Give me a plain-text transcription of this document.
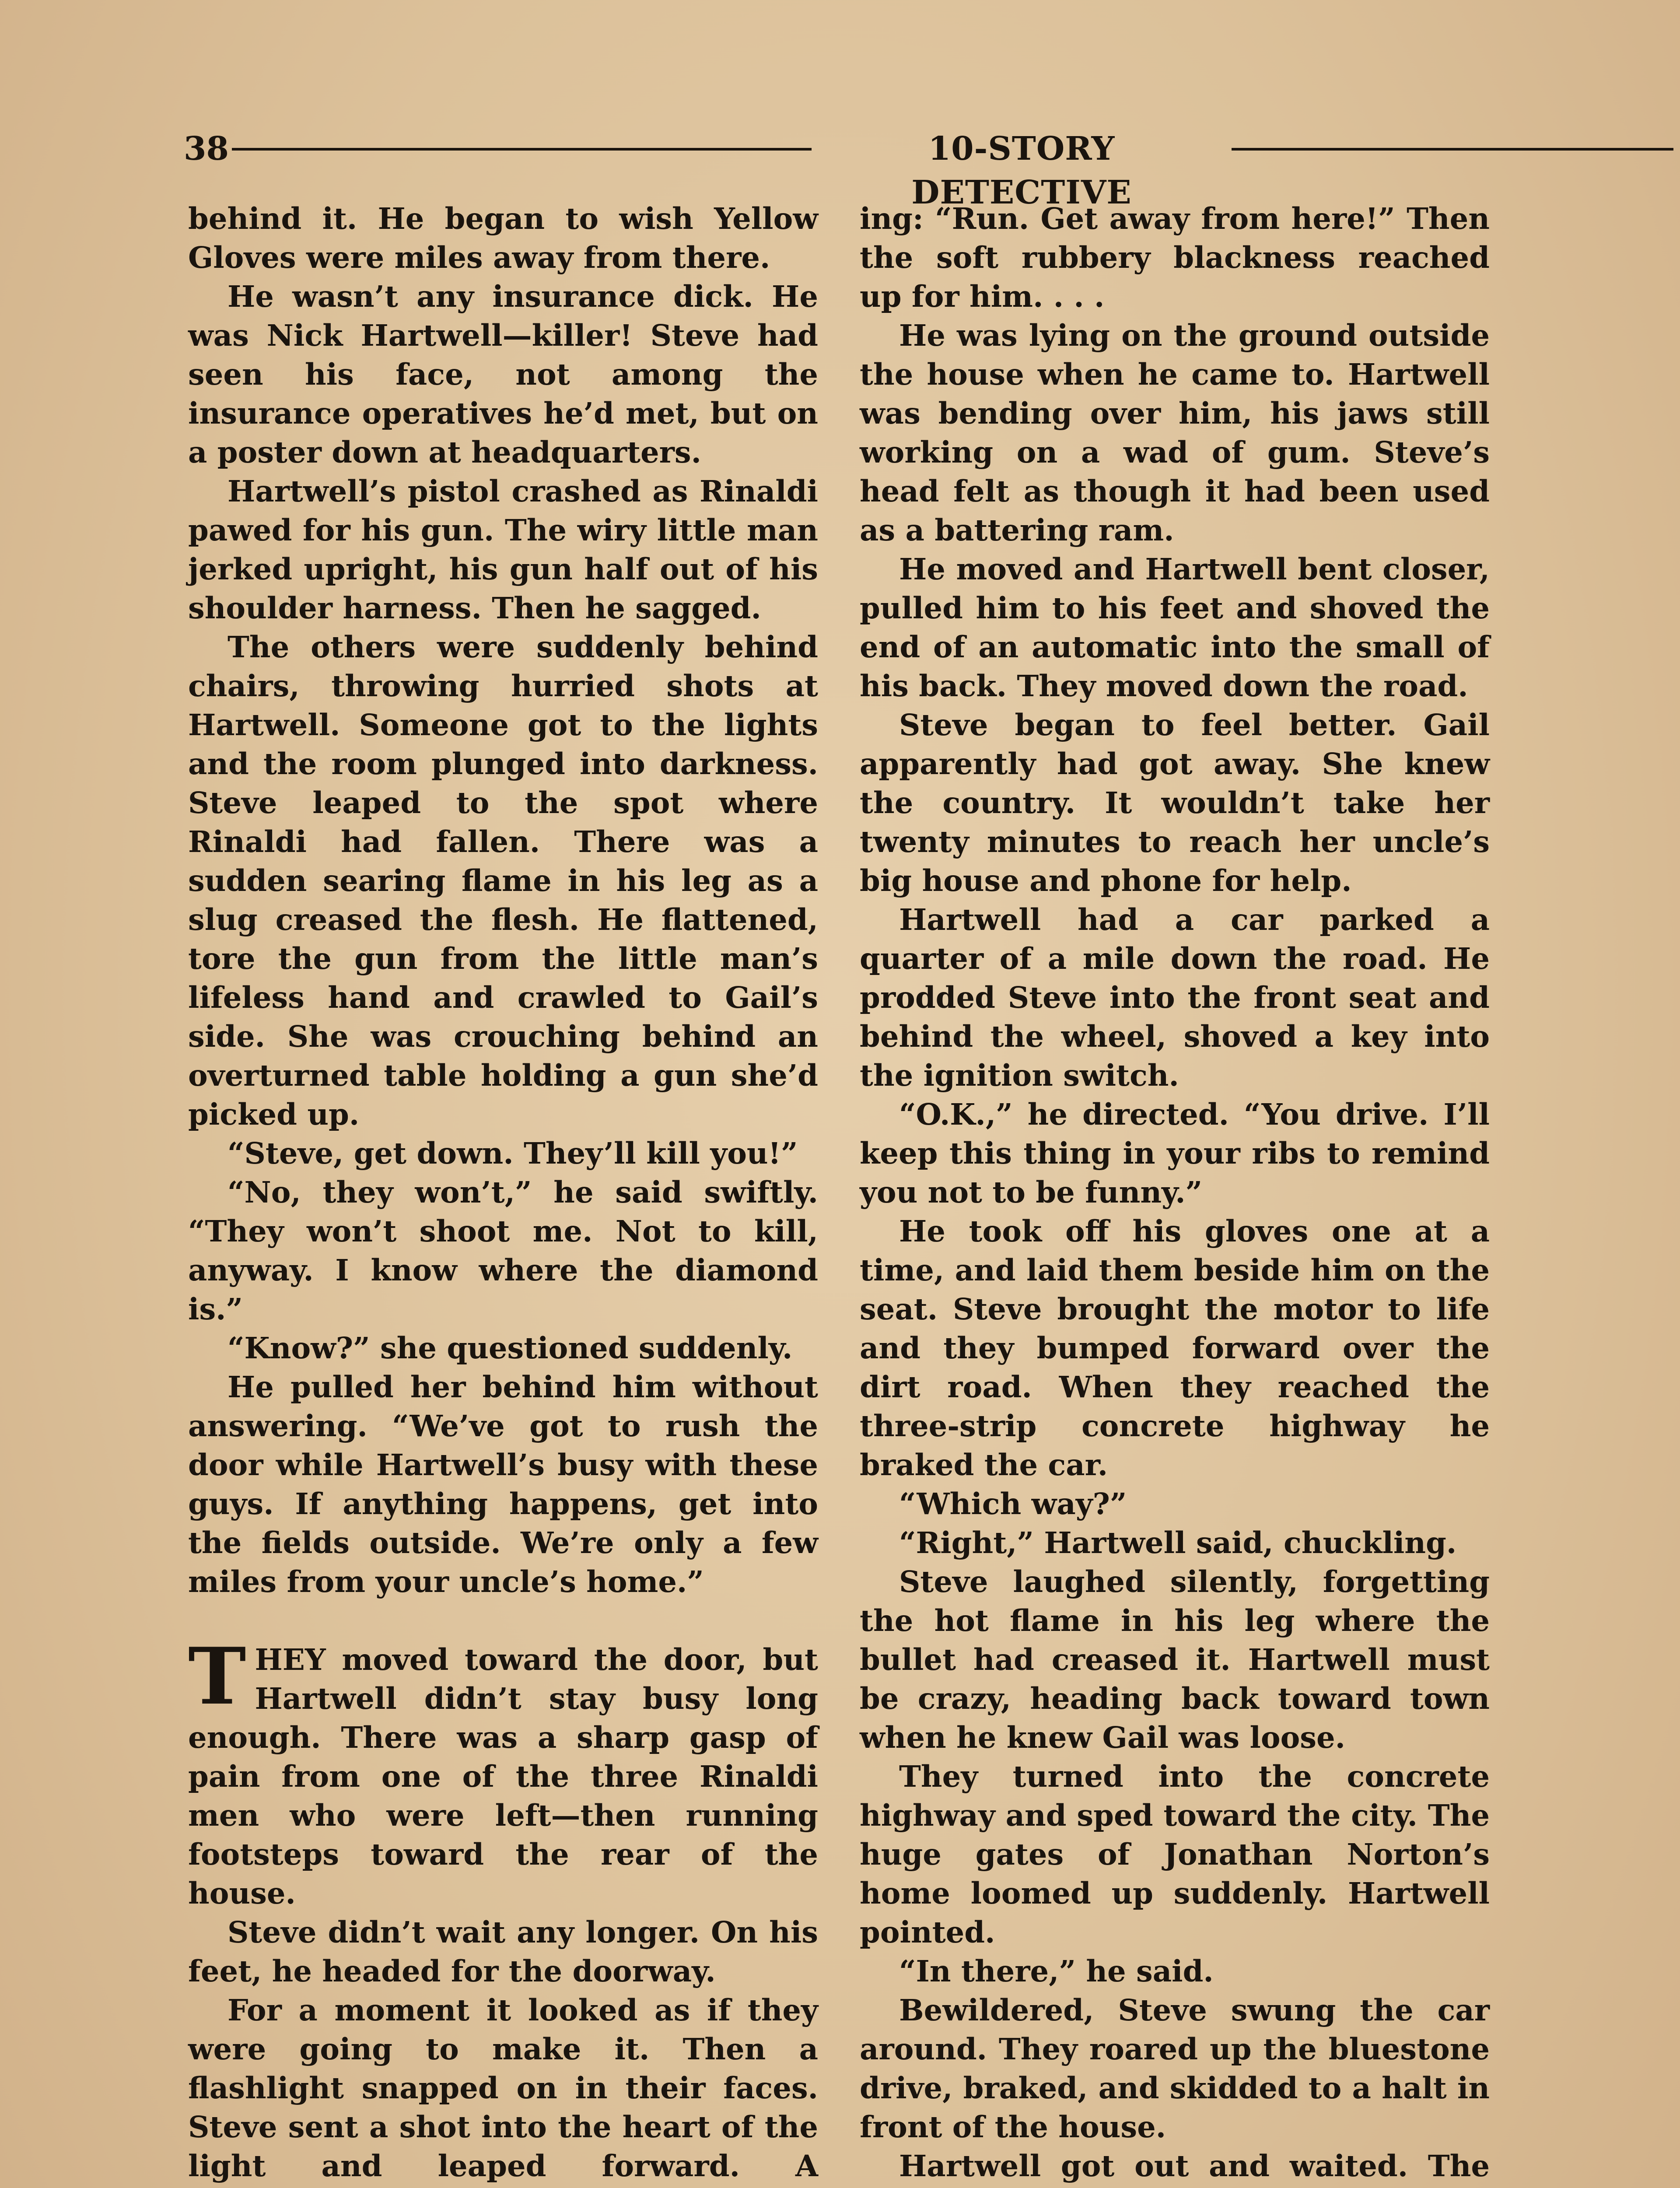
38	10-STORY DETECTIVE

behind it. He began to wish Yellow Gloves were miles away from there.

He wasn’t any insurance dick. He was Nick Hartwell—killer! Steve had seen his face, not among the insurance operatives he’d met, but on a poster down at headquarters.

Hartwell’s pistol crashed as Rinaldi pawed for his gun. The wiry little man jerked upright, his gun half out of his shoulder harness. Then he sagged.

The others were suddenly behind chairs, throwing hurried shots at Hartwell. Someone got to the lights and the room plunged into darkness. Steve leaped to the spot where Rinaldi had fallen. There was a sudden searing flame in his leg as a slug creased the flesh. He flattened, tore the gun from the little man’s lifeless hand and crawled to Gail’s side. She was crouching behind an overturned table holding a gun she’d picked up.

“Steve, get down. They’ll kill you!”

“No, they won’t,” he said swiftly. “They won’t shoot me. Not to kill, anyway. I know where the diamond is.”

“Know?” she questioned suddenly.

He pulled her behind him without answering. “We’ve got to rush the door while Hartwell’s busy with these guys. If anything happens, get into the fields outside. We’re only a few miles from your uncle’s home.”

THEY moved toward the door, but Hartwell didn’t stay busy long enough. There was a sharp gasp of pain from one of the three Rinaldi men who were left—then running footsteps toward the rear of the house.

Steve didn’t wait any longer. On his feet, he headed for the doorway.

For a moment it looked as if they were going to make it. Then a flashlight snapped on in their faces. Steve sent a shot into the heart of the light and leaped forward. A

ing: “Run. Get away from here!” Then the soft rubbery blackness reached up for him. . . .

He was lying on the ground outside the house when he came to. Hartwell was bending over him, his jaws still working on a wad of gum. Steve’s head felt as though it had been used as a battering ram.

He moved and Hartwell bent closer, pulled him to his feet and shoved the end of an automatic into the small of his back. They moved down the road.

Steve began to feel better. Gail apparently had got away. She knew the country. It wouldn’t take her twenty minutes to reach her uncle’s big house and phone for help.

Hartwell had a car parked a quarter of a mile down the road. He prodded Steve into the front seat and behind the wheel, shoved a key into the ignition switch.

“O.K.,” he directed. “You drive. I’ll keep this thing in your ribs to remind you not to be funny.”

He took off his gloves one at a time, and laid them beside him on the seat. Steve brought the motor to life and they bumped forward over the dirt road. When they reached the three-strip concrete highway he braked the car.

“Which way?”

“Right,” Hartwell said, chuckling.

Steve laughed silently, forgetting the hot flame in his leg where the bullet had creased it. Hartwell must be crazy, heading back toward town when he knew Gail was loose.

They turned into the concrete highway and sped toward the city. The huge gates of Jonathan Norton’s home loomed up suddenly. Hartwell pointed.

“In there,” he said.

Bewildered, Steve swung the car around. They roared up the bluestone drive, braked, and skidded to a halt in front of the house.

Hartwell got out and waited. The
